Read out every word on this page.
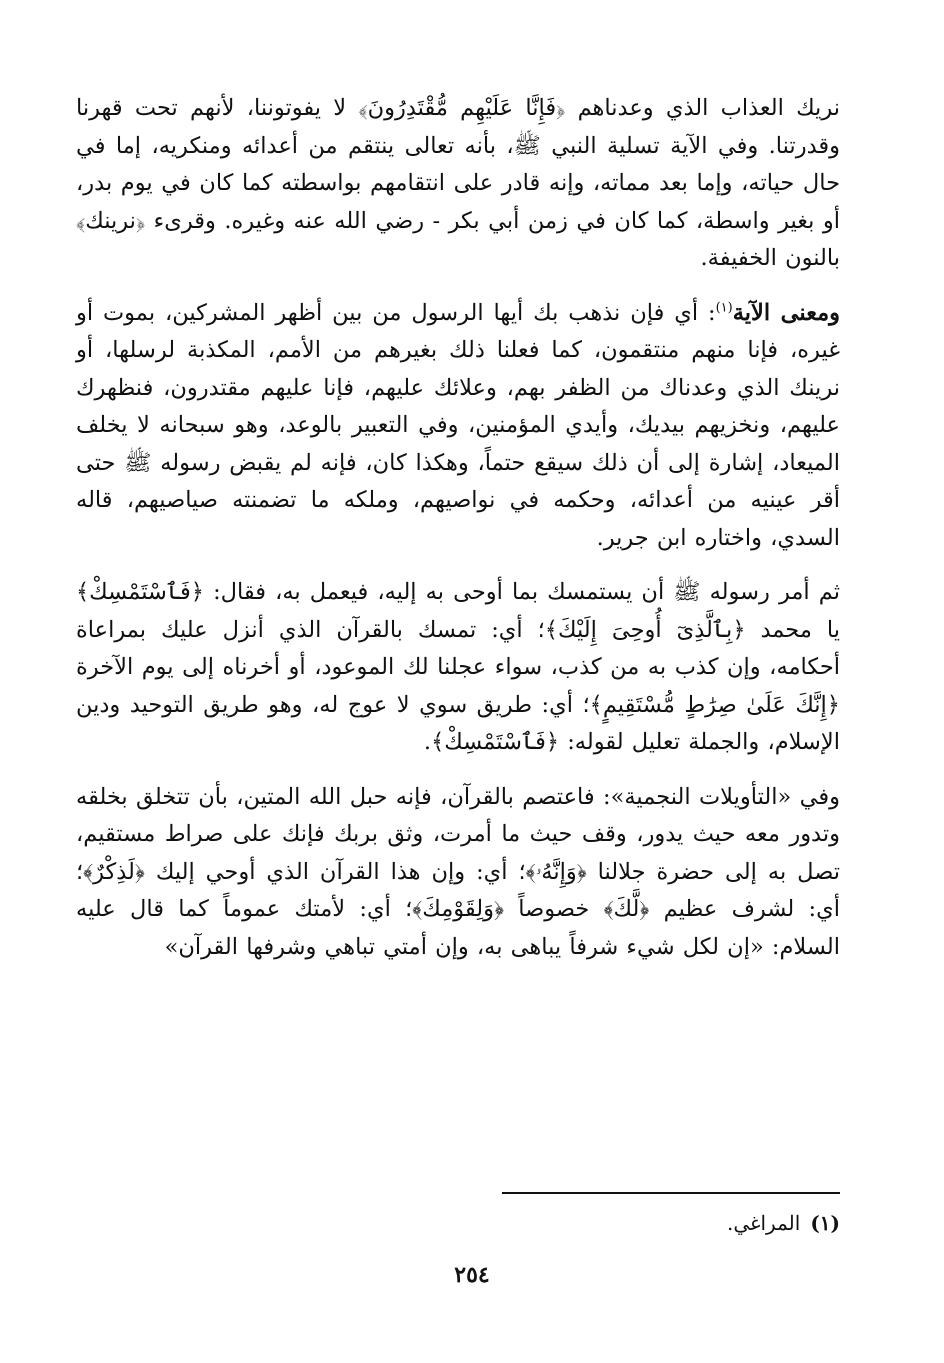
نريك العذاب الذي وعدناهم ﴿فَإِنَّا عَلَيْهِم مُّقْتَدِرُونَ﴾ لا يفوتوننا، لأنهم تحت قهرنا وقدرتنا. وفي الآية تسلية النبي ﷺ، بأنه تعالى ينتقم من أعدائه ومنكريه، إما في حال حياته، وإما بعد مماته، وإنه قادر على انتقامهم بواسطته كما كان في يوم بدر، أو بغير واسطة، كما كان في زمن أبي بكر - رضي الله عنه وغيره. وقرىء ﴿نرينك﴾ بالنون الخفيفة.

ومعنى الآية$^{(١)}$: أي فإن نذهب بك أيها الرسول من بين أظهر المشركين، بموت أو غيره، فإنا منهم منتقمون، كما فعلنا ذلك بغيرهم من الأمم، المكذبة لرسلها، أو نرينك الذي وعدناك من الظفر بهم، وعلائك عليهم، فإنا عليهم مقتدرون، فنظهرك عليهم، ونخزيهم بيديك، وأيدي المؤمنين، وفي التعبير بالوعد، وهو سبحانه لا يخلف الميعاد، إشارة إلى أن ذلك سيقع حتماً، وهكذا كان، فإنه لم يقبض رسوله ﷺ حتى أقر عينيه من أعدائه، وحكمه في نواصيهم، وملكه ما تضمنته صياصيهم، قاله السدي، واختاره ابن جرير.

ثم أمر رسوله ﷺ أن يستمسك بما أوحى به إليه، فيعمل به، فقال: ﴿فَٱسْتَمْسِكْ﴾ يا محمد ﴿بِٱلَّذِىٓ أُوحِىَ إِلَيْكَ﴾؛ أي: تمسك بالقرآن الذي أنزل عليك بمراعاة أحكامه، وإن كذب به من كذب، سواء عجلنا لك الموعود، أو أخرناه إلى يوم الآخرة ﴿إِنَّكَ عَلَىٰ صِرَٰطٍ مُّسْتَقِيمٍ﴾؛ أي: طريق سوي لا عوج له، وهو طريق التوحيد ودين الإسلام، والجملة تعليل لقوله: ﴿فَٱسْتَمْسِكْ﴾.

وفي «التأويلات النجمية»: فاعتصم بالقرآن، فإنه حبل الله المتين، بأن تتخلق بخلقه وتدور معه حيث يدور، وقف حيث ما أمرت، وثق بربك فإنك على صراط مستقيم، تصل به إلى حضرة جلالنا ﴿وَإِنَّهُۥ﴾؛ أي: وإن هذا القرآن الذي أوحي إليك ﴿لَذِكْرٌ﴾؛ أي: لشرف عظيم ﴿لَّكَ﴾ خصوصاً ﴿وَلِقَوْمِكَ﴾؛ أي: لأمتك عموماً كما قال عليه السلام: «إن لكل شيء شرفاً يباهى به، وإن أمتي تباهي وشرفها القرآن»

(١)المراغي.
٢٥٤
